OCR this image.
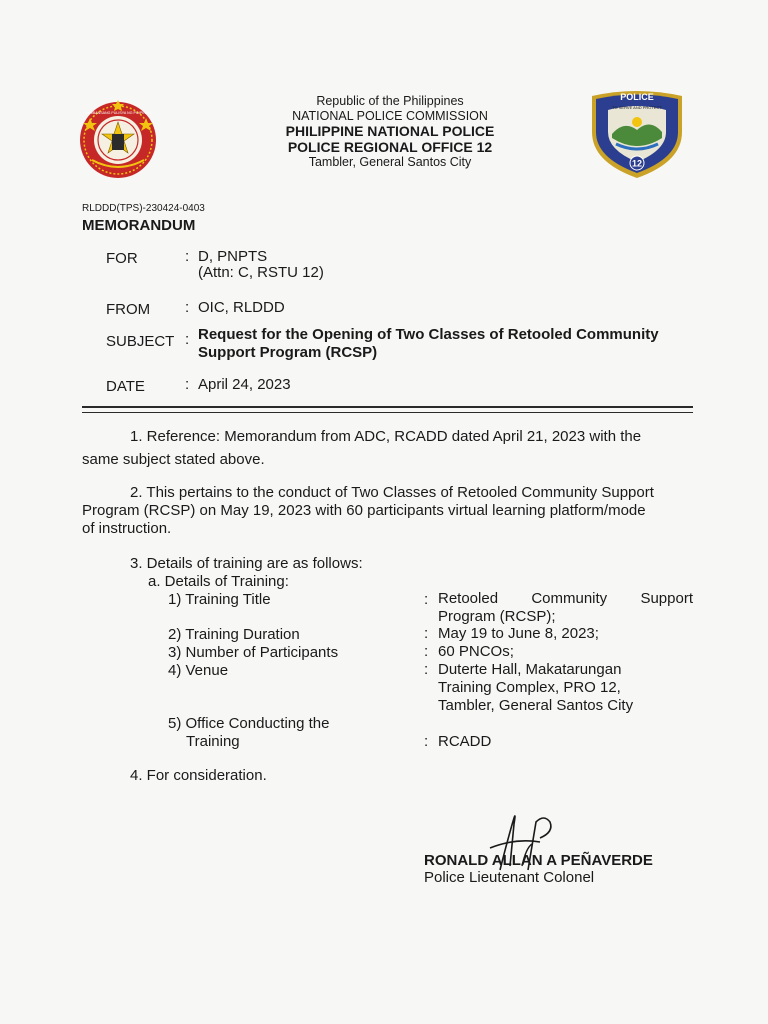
PAMBANSANG PULISYA NG PILIPINAS
POLICE
TO SERVE AND PROTECT
12
Republic of the Philippines
NATIONAL POLICE COMMISSION
PHILIPPINE NATIONAL POLICE
POLICE REGIONAL OFFICE 12
Tambler, General Santos City
RLDDD(TPS)-230424-0403
MEMORANDUM
FOR	: D, PNPTS
(Attn: C, RSTU 12)
FROM : OIC, RLDDD
SUBJECT : Request for the Opening of Two Classes of Retooled Community
Support Program (RCSP)
DATE	: April 24, 2023
1. Reference: Memorandum from ADC, RCADD dated April 21, 2023 with the
same subject stated above.
2. This pertains to the conduct of Two Classes of Retooled Community Support
Program (RCSP) on May 19, 2023 with 60 participants virtual learning platform/mode
of instruction.
3. Details of training are as follows:
a. Details of Training:
1) Training Title	: Retooled Community Support
Program (RCSP);
2) Training Duration	: May 19 to June 8, 2023;
3) Number of Participants	: 60 PNCOs;
4) Venue	: Duterte Hall, Makatarungan
Training Complex, PRO 12,
Tambler, General Santos City
5) Office Conducting the
Training	: RCADD
4. For consideration.
RONALD ALLAN A PEÑAVERDE
Police Lieutenant Colonel
